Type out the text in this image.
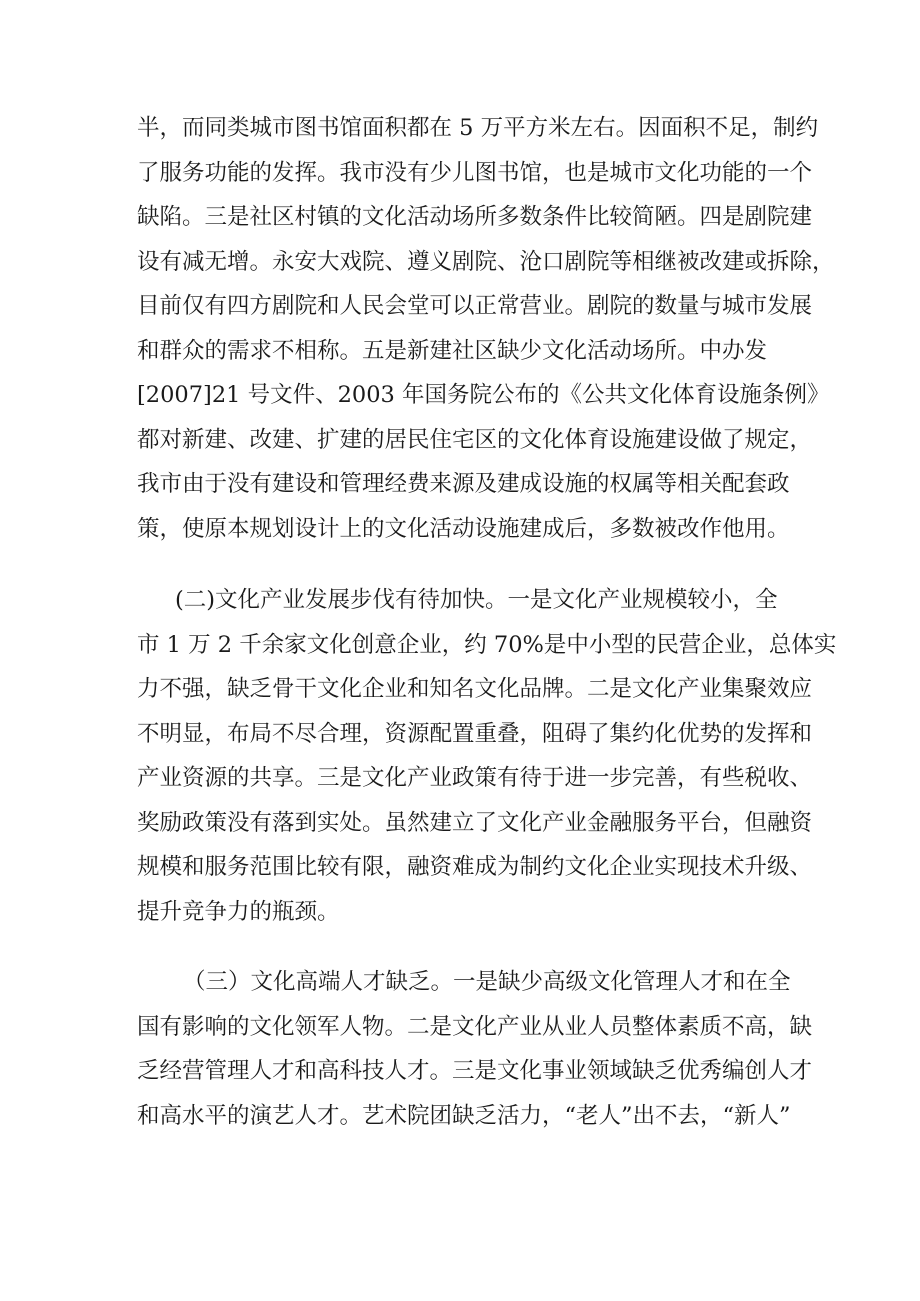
半，而同类城市图书馆面积都在 5 万平方米左右。因面积不足，制约
了服务功能的发挥。我市没有少儿图书馆，也是城市文化功能的一个
缺陷。三是社区村镇的文化活动场所多数条件比较简陋。四是剧院建
设有减无增。永安大戏院、遵义剧院、沧口剧院等相继被改建或拆除，
目前仅有四方剧院和人民会堂可以正常营业。剧院的数量与城市发展
和群众的需求不相称。五是新建社区缺少文化活动场所。中办发
[2007]21 号文件、2003 年国务院公布的《公共文化体育设施条例》
都对新建、改建、扩建的居民住宅区的文化体育设施建设做了规定，
我市由于没有建设和管理经费来源及建成设施的权属等相关配套政
策，使原本规划设计上的文化活动设施建成后，多数被改作他用。
(二)文化产业发展步伐有待加快。一是文化产业规模较小，全
市 1 万 2 千余家文化创意企业，约 70%是中小型的民营企业，总体实
力不强，缺乏骨干文化企业和知名文化品牌。二是文化产业集聚效应
不明显，布局不尽合理，资源配置重叠，阻碍了集约化优势的发挥和
产业资源的共享。三是文化产业政策有待于进一步完善，有些税收、
奖励政策没有落到实处。虽然建立了文化产业金融服务平台，但融资
规模和服务范围比较有限，融资难成为制约文化企业实现技术升级、
提升竞争力的瓶颈。
（三）文化高端人才缺乏。一是缺少高级文化管理人才和在全
国有影响的文化领军人物。二是文化产业从业人员整体素质不高，缺
乏经营管理人才和高科技人才。三是文化事业领域缺乏优秀编创人才
和高水平的演艺人才。艺术院团缺乏活力，“老人”出不去，“新人”
